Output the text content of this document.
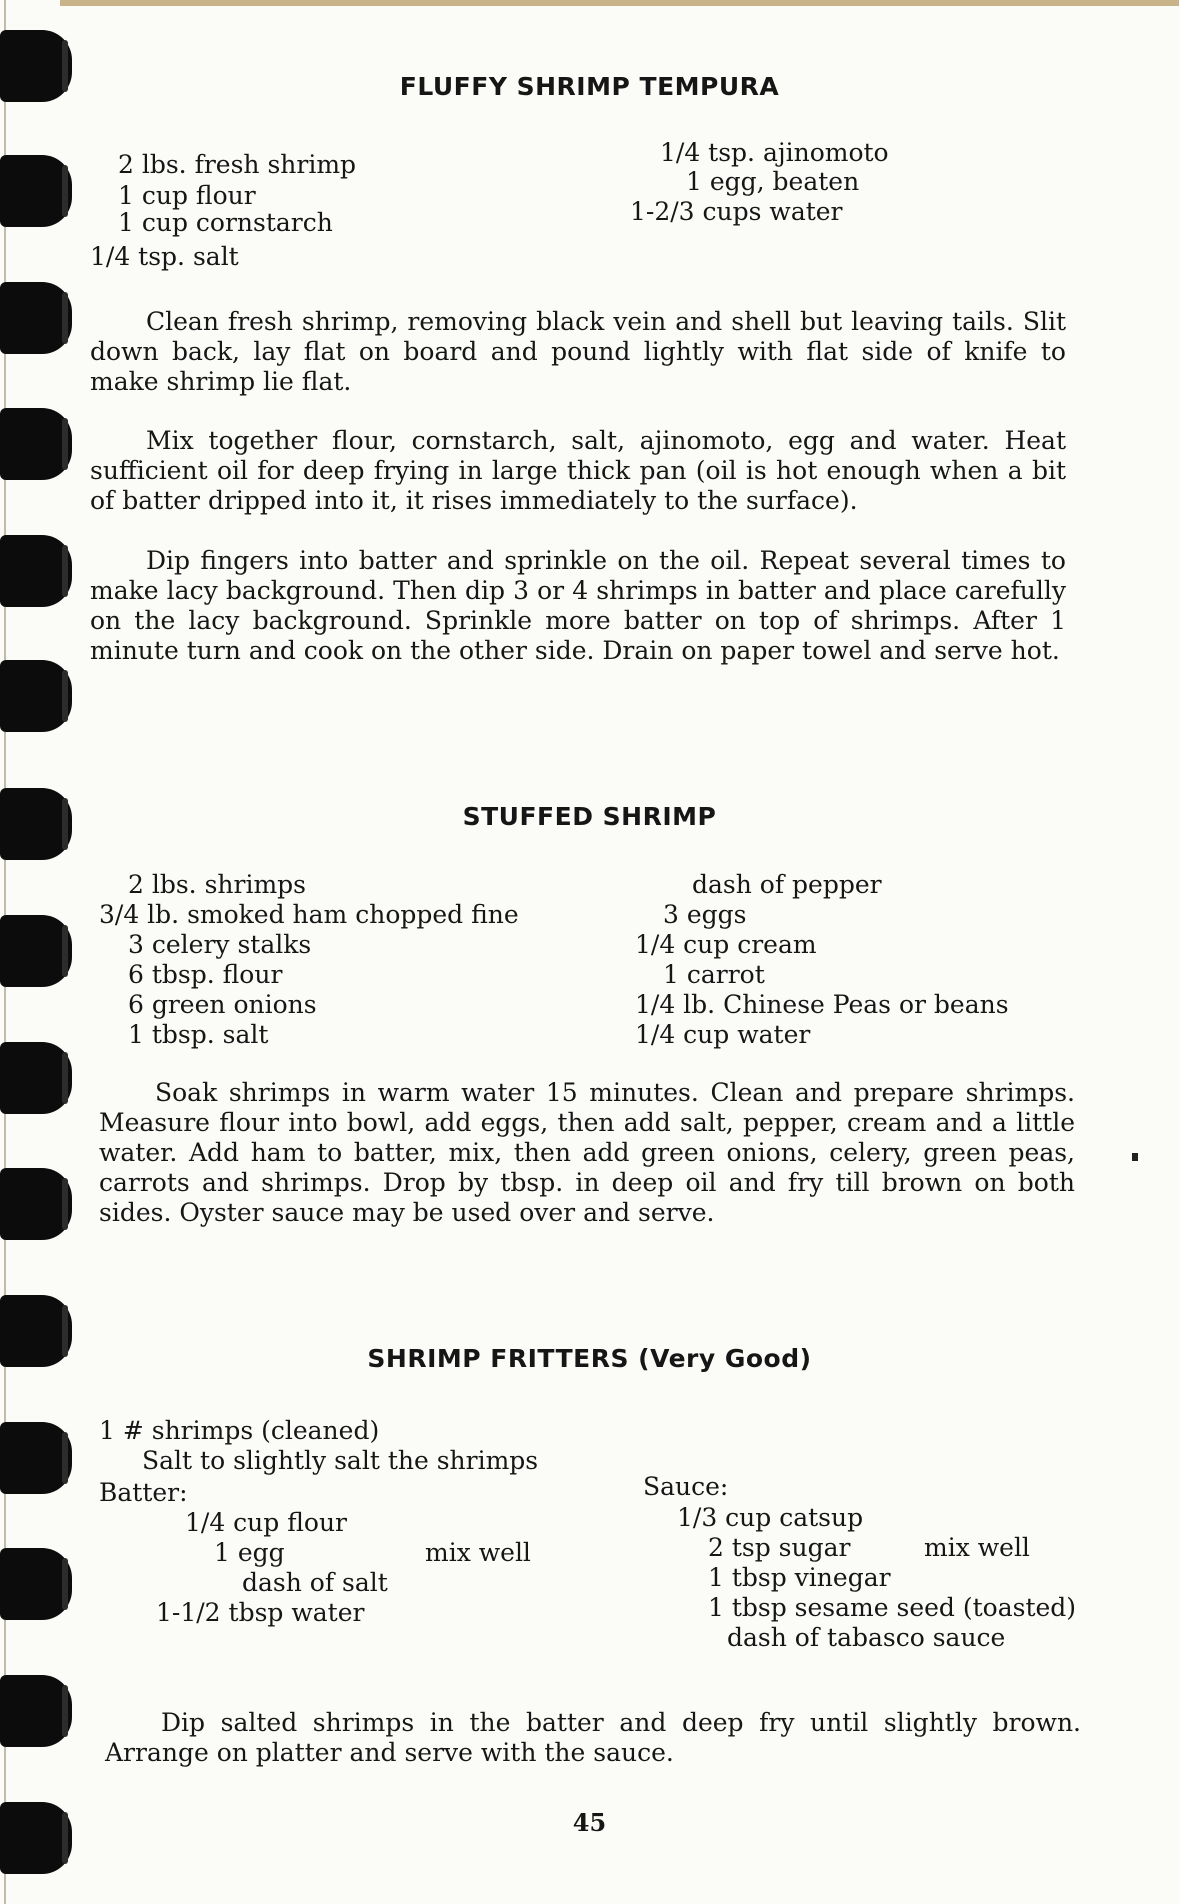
FLUFFY SHRIMP TEMPURA
2 lbs. fresh shrimp
1 cup flour
1 cup cornstarch
1/4 tsp. salt
1/4 tsp. ajinomoto
1 egg, beaten
1-2/3 cups water
Clean fresh shrimp, removing black vein and shell but leaving tails. Slit down back, lay flat on board and pound lightly with flat side of knife to make shrimp lie flat.
Mix together flour, cornstarch, salt, ajinomoto, egg and water. Heat sufficient oil for deep frying in large thick pan (oil is hot enough when a bit of batter dripped into it, it rises immediately to the surface).
Dip fingers into batter and sprinkle on the oil. Repeat several times to make lacy background. Then dip 3 or 4 shrimps in batter and place carefully on the lacy background. Sprinkle more batter on top of shrimps. After 1 minute turn and cook on the other side. Drain on paper towel and serve hot.
STUFFED SHRIMP
2 lbs. shrimps
3/4 lb. smoked ham chopped fine
3 celery stalks
6 tbsp. flour
6 green onions
1 tbsp. salt
dash of pepper
3 eggs
1/4 cup cream
1 carrot
1/4 lb. Chinese Peas or beans
1/4 cup water
Soak shrimps in warm water 15 minutes. Clean and prepare shrimps. Measure flour into bowl, add eggs, then add salt, pepper, cream and a little water. Add ham to batter, mix, then add green onions, celery, green peas, carrots and shrimps. Drop by tbsp. in deep oil and fry till brown on both sides. Oyster sauce may be used over and serve.
SHRIMP FRITTERS (Very Good)
1 # shrimps (cleaned)
Salt to slightly salt the shrimps
Batter:
1/4 cup flour
1 egg
dash of salt
1-1/2 tbsp water
mix well
Sauce:
1/3 cup catsup
2 tsp sugar
1 tbsp vinegar
1 tbsp sesame seed (toasted)
dash of tabasco sauce
mix well
Dip salted shrimps in the batter and deep fry until slightly brown. Arrange on platter and serve with the sauce.
45
